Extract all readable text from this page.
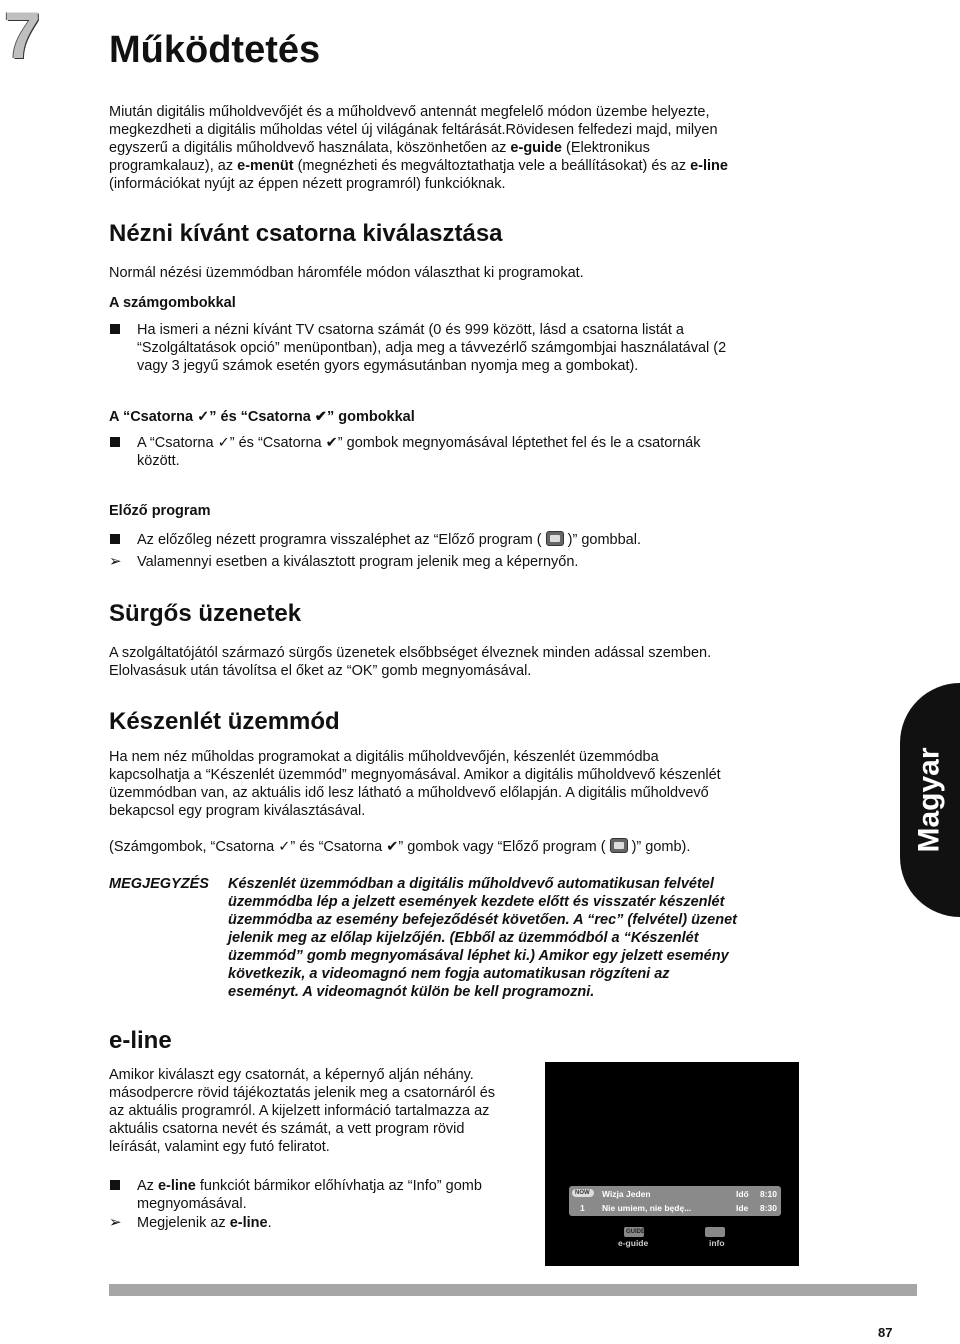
7 Működtetés
Miután digitális műholdvevőjét és a műholdvevő antennát megfelelő módon üzembe helyezte,
megkezdheti a digitális műholdas vétel új világának feltárását.Rövidesen felfedezi majd, milyen
egyszerű a digitális műholdvevő használata, köszönhetően az e-guide (Elektronikus
programkalauz), az e-menüt (megnézheti és megváltoztathatja vele a beállításokat) és az e-line
(információkat nyújt az éppen nézett programról) funkcióknak.
Nézni kívánt csatorna kiválasztása
Normál nézési üzemmódban háromféle módon választhat ki programokat.
A számgombokkal
Ha ismeri a nézni kívánt TV csatorna számát (0 és 999 között, lásd a csatorna listát a
“Szolgáltatások opció” menüpontban), adja meg a távvezérlő számgombjai használatával (2
vagy 3 jegyű számok esetén gyors egymásutánban nyomja meg a gombokat).
A “Csatorna ✓” és “Csatorna ✔” gombokkal
A “Csatorna ✓” és “Csatorna ✔” gombok megnyomásával léptethet fel és le a csatornák
között.
Előző program
Az előzőleg nézett programra visszaléphet az “Előző program ( )” gombbal.
➢ Valamennyi esetben a kiválasztott program jelenik meg a képernyőn.
Sürgős üzenetek
A szolgáltatójától származó sürgős üzenetek elsőbbséget élveznek minden adással szemben.
Elolvasásuk után távolítsa el őket az “OK” gomb megnyomásával.
Készenlét üzemmód
Ha nem néz műholdas programokat a digitális műholdvevőjén, készenlét üzemmódba
kapcsolhatja a “Készenlét üzemmód” megnyomásával. Amikor a digitális műholdvevő készenlét
üzemmódban van, az aktuális idő lesz látható a műholdvevő előlapján. A digitális műholdvevő
bekapcsol egy program kiválasztásával.
(Számgombok, “Csatorna ✓” és “Csatorna ✔” gombok vagy “Előző program ( )” gomb).
MEGJEGYZÉS Készenlét üzemmódban a digitális műholdvevő automatikusan felvétel
üzemmódba lép a jelzett események kezdete előtt és visszatér készenlét
üzemmódba az esemény befejeződését követően. A “rec” (felvétel) üzenet
jelenik meg az előlap kijelzőjén. (Ebből az üzemmódból a “Készenlét
üzemmód” gomb megnyomásával léphet ki.) Amikor egy jelzett esemény
következik, a videomagnó nem fogja automatikusan rögzíteni az
eseményt. A videomagnót külön be kell programozni.
e-line
Amikor kiválaszt egy csatornát, a képernyő alján néhány.
másodpercre rövid tájékoztatás jelenik meg a csatornáról és
az aktuális programról. A kijelzett információ tartalmazza az
aktuális csatorna nevét és számát, a vett program rövid
leírását, valamint egy futó feliratot.
Az e-line funkciót bármikor előhívhatja az “Info” gomb
megnyomásával.
➢ Megjelenik az e-line.
NOW Wizja Jeden
1 Nie umiem, nie będę...
Idő 8:10
Ide 8:30
GUIDE
e-guide	info
Magyar
87
